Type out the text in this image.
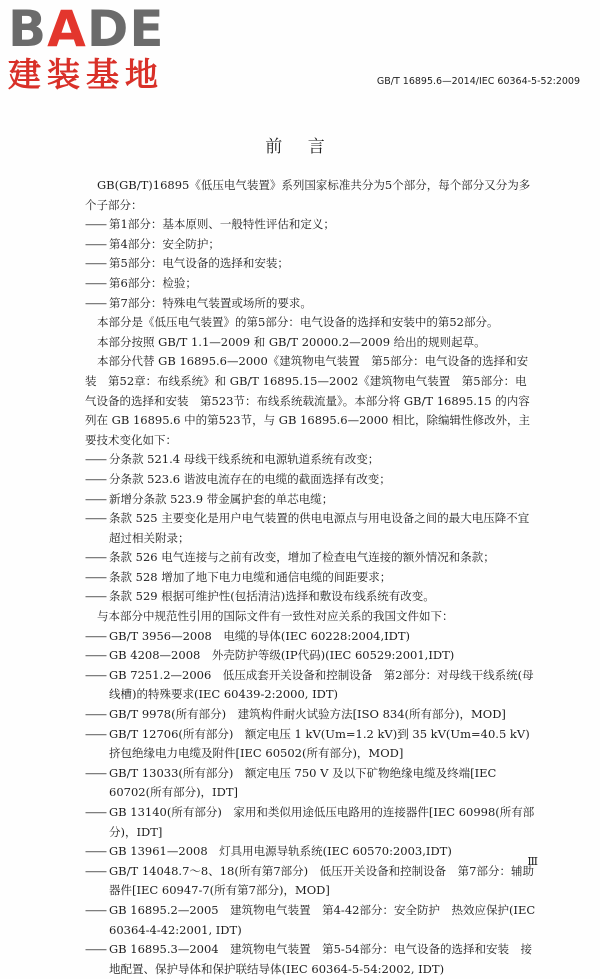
BADE
建装基地	GB/T 16895.6—2014/IEC 60364-5-52:2009
前 言

GB(GB/T)16895《低压电气装置》系列国家标准共分为5个部分，每个部分又分为多个子部分：

—— 第1部分：基本原则、一般特性评估和定义；

—— 第4部分：安全防护；

—— 第5部分：电气设备的选择和安装；

—— 第6部分：检验；

—— 第7部分：特殊电气装置或场所的要求。

本部分是《低压电气装置》的第5部分：电气设备的选择和安装中的第52部分。

本部分按照 GB/T 1.1—2009 和 GB/T 20000.2—2009 给出的规则起草。

本部分代替 GB 16895.6—2000《建筑物电气装置　第5部分：电气设备的选择和安装　第52章：布线系统》和 GB/T 16895.15—2002《建筑物电气装置　第5部分：电气设备的选择和安装　第523节：布线系统载流量》。本部分将 GB/T 16895.15 的内容列在 GB 16895.6 中的第523节，与 GB 16895.6—2000 相比，除编辑性修改外，主要技术变化如下：

—— 分条款 521.4 母线干线系统和电源轨道系统有改变；

—— 分条款 523.6 谐波电流存在的电缆的截面选择有改变；

—— 新增分条款 523.9 带金属护套的单芯电缆；

—— 条款 525 主要变化是用户电气装置的供电电源点与用电设备之间的最大电压降不宜超过相关附录；

—— 条款 526 电气连接与之前有改变，增加了检查电气连接的额外情况和条款；

—— 条款 528 增加了地下电力电缆和通信电缆的间距要求；

—— 条款 529 根据可维护性(包括清洁)选择和敷设布线系统有改变。

与本部分中规范性引用的国际文件有一致性对应关系的我国文件如下：

—— GB/T 3956—2008　电缆的导体(IEC 60228:2004,IDT)

—— GB 4208—2008　外壳防护等级(IP代码)(IEC 60529:2001,IDT)

—— GB 7251.2—2006　低压成套开关设备和控制设备　第2部分：对母线干线系统(母线槽)的特殊要求(IEC 60439-2:2000, IDT)

—— GB/T 9978(所有部分)　建筑构件耐火试验方法[ISO 834(所有部分)，MOD]

—— GB/T 12706(所有部分)　额定电压 1 kV(Um=1.2 kV)到 35 kV(Um=40.5 kV)挤包绝缘电力电缆及附件[IEC 60502(所有部分)，MOD]

—— GB/T 13033(所有部分)　额定电压 750 V 及以下矿物绝缘电缆及终端[IEC 60702(所有部分)，IDT]

—— GB 13140(所有部分)　家用和类似用途低压电路用的连接器件[IEC 60998(所有部分)，IDT]

—— GB 13961—2008　灯具用电源导轨系统(IEC 60570:2003,IDT)

—— GB/T 14048.7～8、18(所有第7部分)　低压开关设备和控制设备　第7部分：辅助器件[IEC 60947-7(所有第7部分)，MOD]

—— GB 16895.2—2005　建筑物电气装置　第4-42部分：安全防护　热效应保护(IEC 60364-4-42:2001, IDT)

—— GB 16895.3—2004　建筑物电气装置　第5-54部分：电气设备的选择和安装　接地配置、保护导体和保护联结导体(IEC 60364-5-54:2002, IDT)

Ⅲ
